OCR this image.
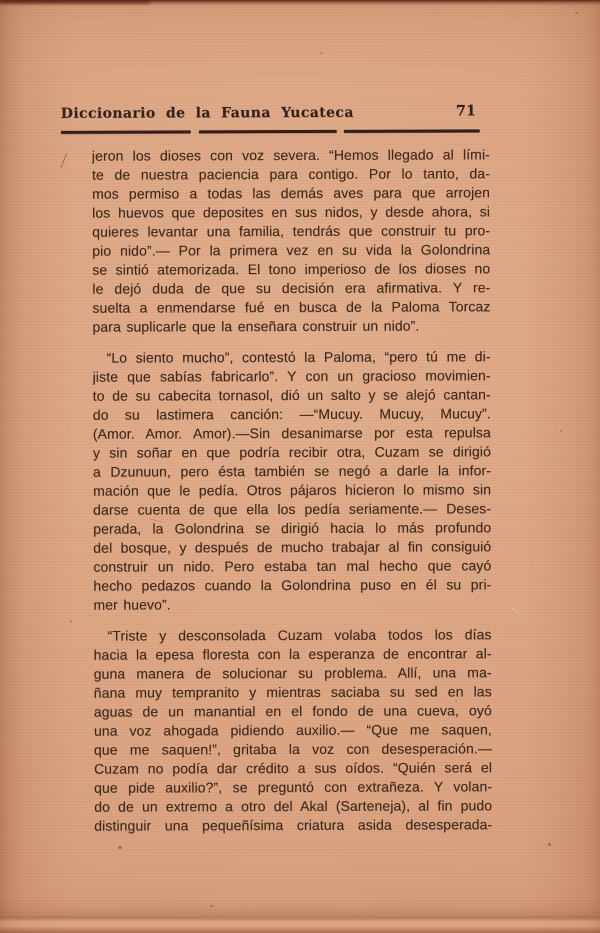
Diccionario de la Fauna Yucateca	71
jeron los dioses con voz severa. “Hemos llegado al lími-
te de nuestra paciencia para contigo. Por lo tanto, da-
mos permiso a todas las demás aves para que arrojen
los huevos que deposites en sus nidos, y desde ahora, si
quieres levantar una familia, tendrás que construir tu pro-
pio nido”.— Por la primera vez en su vida la Golondrina
se sintió atemorizada. El tono imperioso de los dioses no
le dejó duda de que su decisión era afirmativa. Y re-
suelta a enmendarse fué en busca de la Paloma Torcaz
para suplicarle que la enseñara construir un nido”.
“Lo siento mucho”, contestó la Paloma, “pero tú me di-
jiste que sabías fabricarlo”. Y con un gracioso movimien-
to de su cabecita tornasol, dió un salto y se alejó cantan-
do su lastimera canción: —“Mucuy. Mucuy, Mucuy”.
(Amor. Amor. Amor).—Sin desanimarse por esta repulsa
y sin soñar en que podría recibir otra, Cuzam se dirigió
a Dzunuun, pero ésta también se negó a darle la infor-
mación que le pedía. Otros pájaros hicieron lo mismo sin
darse cuenta de que ella los pedía seriamente.— Deses-
perada, la Golondrina se dirigió hacia lo más profundo
del bosque, y después de mucho trabajar al fin consiguió
construir un nido. Pero estaba tan mal hecho que cayó
hecho pedazos cuando la Golondrina puso en él su pri-
mer huevo”.
“Triste y desconsolada Cuzam volaba todos los días
hacia la epesa floresta con la esperanza de encontrar al-
guna manera de solucionar su problema. Allí, una ma-
ñana muy tempranito y mientras saciaba su sed en las
aguas de un manantial en el fondo de una cueva, oyó
una voz ahogada pidiendo auxilio.— “Que me saquen,
que me saquen!”, gritaba la voz con desesperación.—
Cuzam no podía dar crédito a sus oídos. “Quién será el
que pide auxilio?”, se preguntó con extrañeza. Y volan-
do de un extremo a otro del Akal (Sarteneja), al fin pudo
distinguir una pequeñísima criatura asida desesperada-
